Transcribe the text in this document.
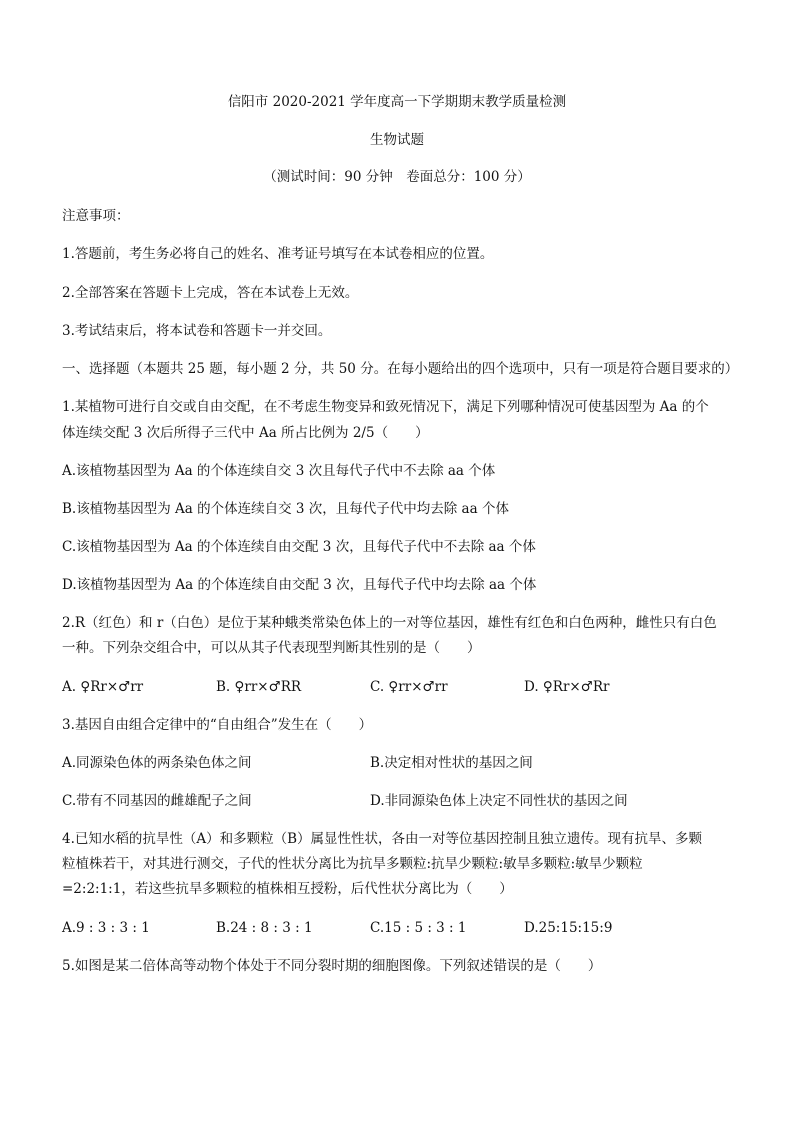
信阳市 2020-2021 学年度高一下学期期末教学质量检测
生物试题
（测试时间：90 分钟　卷面总分：100 分）
注意事项：
1.答题前，考生务必将自己的姓名、准考证号填写在本试卷相应的位置。
2.全部答案在答题卡上完成，答在本试卷上无效。
3.考试结束后，将本试卷和答题卡一并交回。
一、选择题（本题共 25 题，每小题 2 分，共 50 分。在每小题给出的四个选项中，只有一项是符合题目要求的）
1.某植物可进行自交或自由交配，在不考虑生物变异和致死情况下，满足下列哪种情况可使基因型为 Aa 的个
体连续交配 3 次后所得子三代中 Aa 所占比例为 2/5（　　）
A.该植物基因型为 Aa 的个体连续自交 3 次且每代子代中不去除 aa 个体
B.该植物基因型为 Aa 的个体连续自交 3 次，且每代子代中均去除 aa 个体
C.该植物基因型为 Aa 的个体连续自由交配 3 次，且每代子代中不去除 aa 个体
D.该植物基因型为 Aa 的个体连续自由交配 3 次，且每代子代中均去除 aa 个体
2.R（红色）和 r（白色）是位于某种蛾类常染色体上的一对等位基因，雄性有红色和白色两种，雌性只有白色
一种。下列杂交组合中，可以从其子代表现型判断其性别的是（　　）
A. ♀Rr×♂rr	B. ♀rr×♂RR	C. ♀rr×♂rr	D. ♀Rr×♂Rr
3.基因自由组合定律中的“自由组合”发生在（　　）
A.同源染色体的两条染色体之间	B.决定相对性状的基因之间
C.带有不同基因的雌雄配子之间	D.非同源染色体上决定不同性状的基因之间
4.已知水稻的抗旱性（A）和多颗粒（B）属显性性状，各由一对等位基因控制且独立遗传。现有抗旱、多颗
粒植株若干，对其进行测交，子代的性状分离比为抗旱多颗粒:抗旱少颗粒:敏旱多颗粒:敏旱少颗粒
=2:2:1:1，若这些抗旱多颗粒的植株相互授粉，后代性状分离比为（　　）
A.9 : 3 : 3 : 1	B.24 : 8 : 3 : 1	C.15 : 5 : 3 : 1	D.25:15:15:9
5.如图是某二倍体高等动物个体处于不同分裂时期的细胞图像。下列叙述错误的是（　　）
